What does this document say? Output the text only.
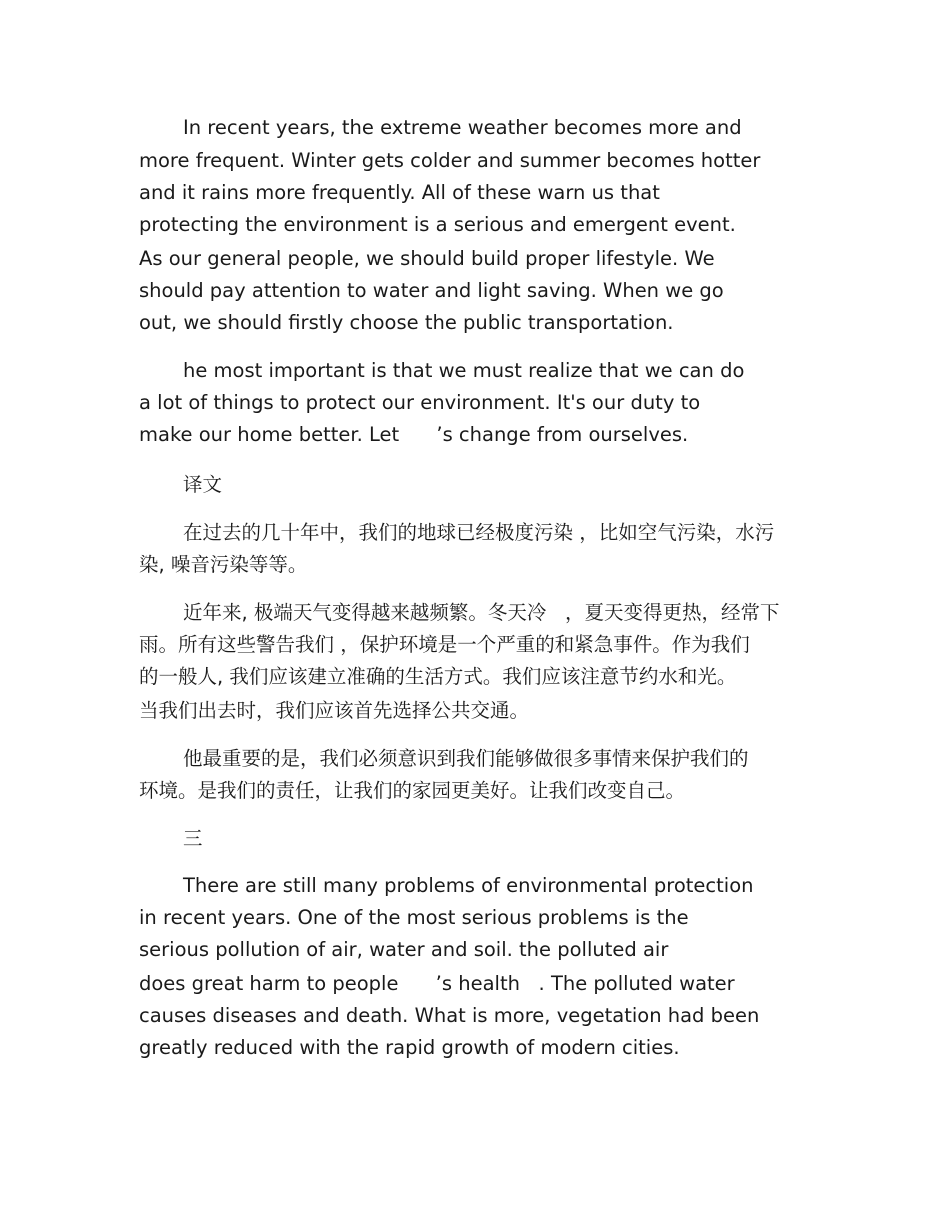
In recent years, the extreme weather becomes more and

more frequent. Winter gets colder and summer becomes hotter

and it rains more frequently. All of these warn us that

protecting the environment is a serious and emergent event.

As our general people, we should build proper lifestyle. We

should pay attention to water and light saving. When we go

out, we should firstly choose the public transportation.

he most important is that we must realize that we can do

a lot of things to protect our environment. It's our duty to

make our home better. Let      ’s change from ourselves.

译文

在过去的几十年中，我们的地球已经极度污染 ，比如空气污染，水污

染, 噪音污染等等。

近年来, 极端天气变得越来越频繁。冬天冷   ，夏天变得更热，经常下

雨。所有这些警告我们 ，保护环境是一个严重的和紧急事件。作为我们

的一般人, 我们应该建立准确的生活方式。我们应该注意节约水和光。

当我们出去时，我们应该首先选择公共交通。

他最重要的是，我们必须意识到我们能够做很多事情来保护我们的

环境。是我们的责任，让我们的家园更美好。让我们改变自己。

三

There are still many problems of environmental protection

in recent years. One of the most serious problems is the

serious pollution of air, water and soil. the polluted air

does great harm to people      ’s health   . The polluted water

causes diseases and death. What is more, vegetation had been

greatly reduced with the rapid growth of modern cities.
